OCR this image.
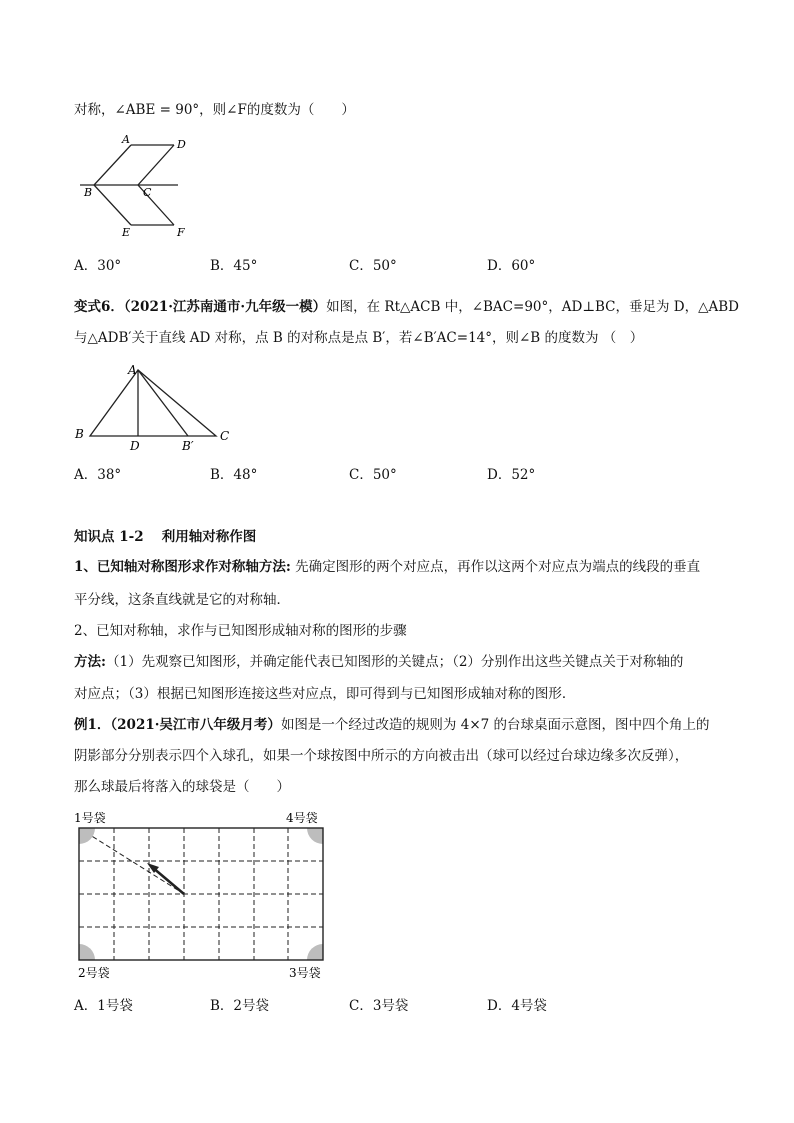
对称，∠ABE = 90°，则∠F的度数为（　　）
A	D
B	C
E	F
A．30°	B．45°	C．50°	D．60°
变式6．（2021·江苏南通市·九年级一模）如图，在 Rt△ACB 中，∠BAC=90°，AD⊥BC，垂足为 D，△ABD
与△ADB′关于直线 AD 对称，点 B 的对称点是点 B′，若∠B′AC=14°，则∠B 的度数为 （　）
A
B
D	B′
C
A．38°	B．48°	C．50°	D．52°
知识点 1-2　 利用轴对称作图
1、已知轴对称图形求作对称轴方法: 先确定图形的两个对应点，再作以这两个对应点为端点的线段的垂直
平分线，这条直线就是它的对称轴．
2、已知对称轴，求作与已知图形成轴对称的图形的步骤
方法:（1）先观察已知图形，并确定能代表已知图形的关键点；（2）分别作出这些关键点关于对称轴的
对应点；（3）根据已知图形连接这些对应点，即可得到与已知图形成轴对称的图形．
例1．（2021·吴江市八年级月考）如图是一个经过改造的规则为 4×7 的台球桌面示意图，图中四个角上的
阴影部分分别表示四个入球孔，如果一个球按图中所示的方向被击出（球可以经过台球边缘多次反弹），
那么球最后将落入的球袋是（　　）
1号袋	4号袋
2号袋	3号袋
A．1号袋	B．2号袋	C．3号袋	D．4号袋
